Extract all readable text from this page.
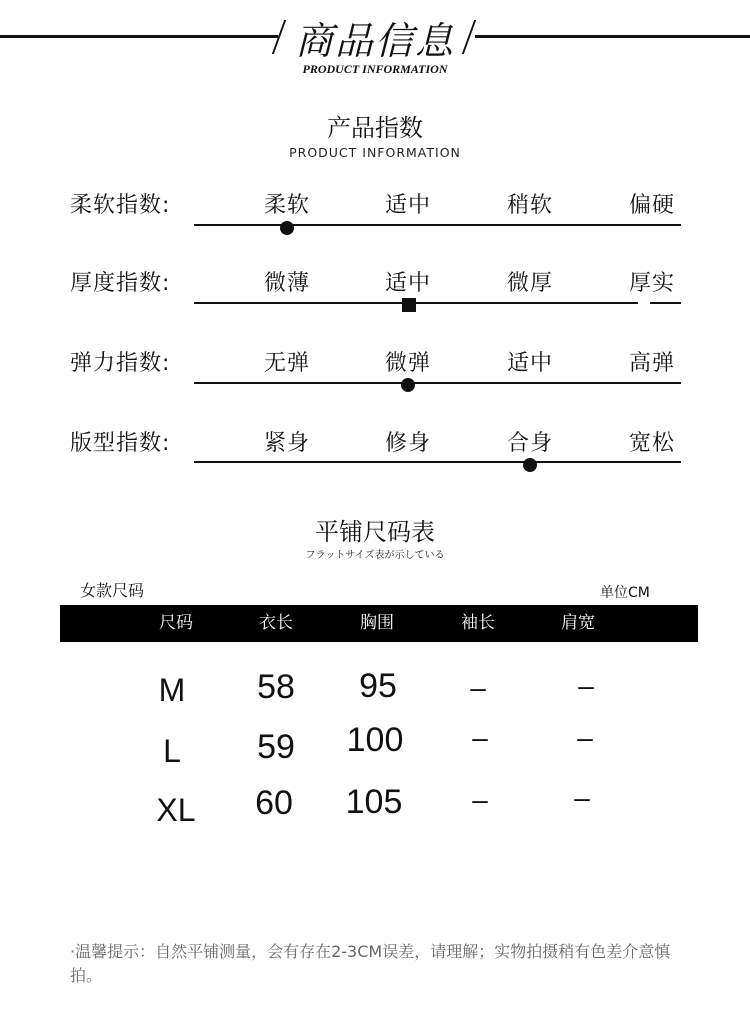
商品信息
PRODUCT INFORMATION
产品指数
PRODUCT INFORMATION
柔软指数:	柔软	适中	稍软	偏硬
厚度指数:	微薄	适中	微厚	厚实
弹力指数:	无弹	微弹	适中	高弹
版型指数:	紧身	修身	合身	宽松
平铺尺码表
フラットサイズ表が示している
女款尺码	单位CM
尺码	衣长	胸围	袖长	肩宽
M	58	95	–	–
L	59	100	–	–
XL	60	105	–	–
·温馨提示：自然平铺测量，会有存在2-3CM误差，请理解；实物拍摄稍有色差介意慎拍。
